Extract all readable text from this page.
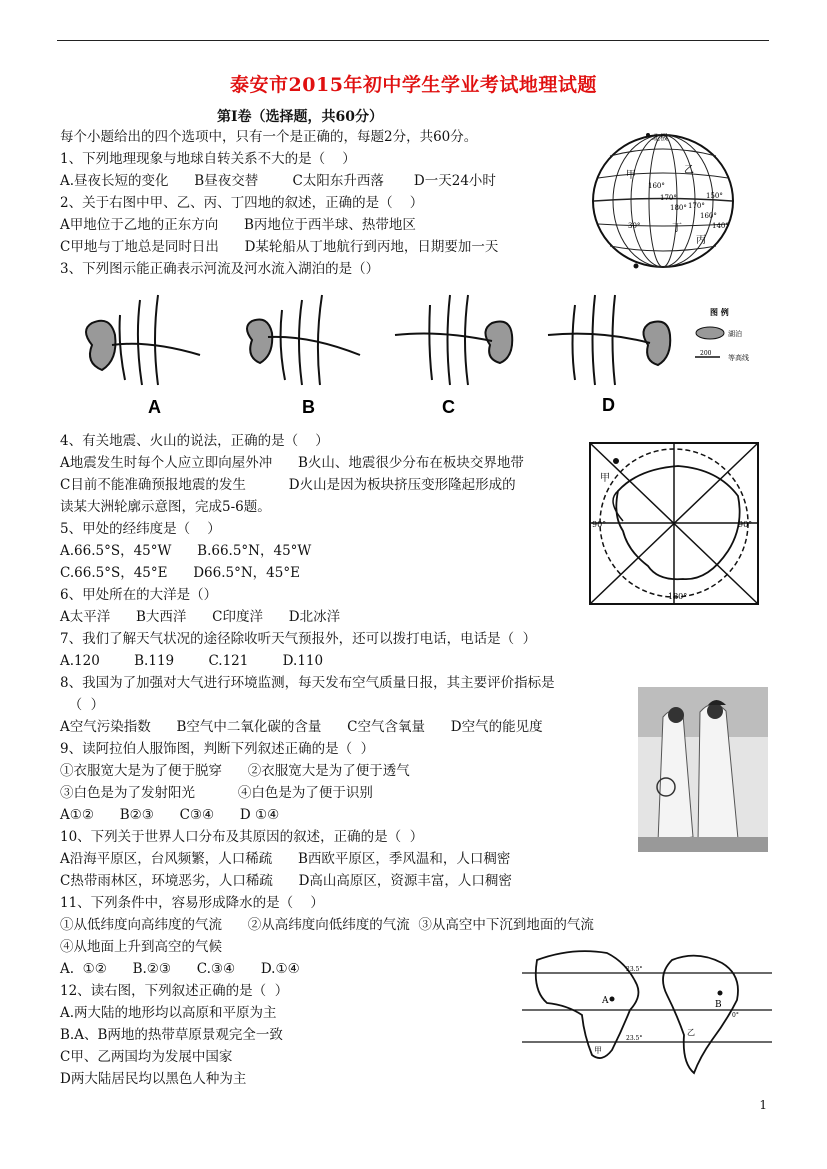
泰安市2015年初中学生学业考试地理试题
第Ⅰ卷（选择题，共60分）
每个小题给出的四个选项中，只有一个是正确的，每题2分，共60分。
1、下列地理现象与地球自转关系不大的是（    ）
A.昼夜长短的变化      B昼夜交替        C太阳东升西落       D一天24小时
2、关于右图中甲、乙、丙、丁四地的叙述，正确的是（    ）
A甲地位于乙地的正东方向      B丙地位于西半球、热带地区
C甲地与丁地总是同时日出      D某轮船从丁地航行到丙地，日期要加一天
3、下列图示能正确表示河流及河水流入湖泊的是（）
4、有关地震、火山的说法，正确的是（    ）
A地震发生时每个人应立即向屋外冲      B火山、地震很少分布在板块交界地带
C目前不能准确预报地震的发生          D火山是因为板块挤压变形隆起形成的
读某大洲轮廓示意图，完成5-6题。
5、甲处的经纬度是（    ）
A.66.5°S，45°W      B.66.5°N，45°W
C.66.5°S，45°E      D66.5°N，45°E
6、甲处所在的大洋是（）
A太平洋      B大西洋      C印度洋      D北冰洋
7、我们了解天气状况的途径除收听天气预报外，还可以拨打电话，电话是（  ）
A.120        B.119        C.121        D.110
8、我国为了加强对大气进行环境监测，每天发布空气质量日报，其主要评价指标是
（  ）
A空气污染指数      B空气中二氧化碳的含量      C空气含氧量      D空气的能见度
9、读阿拉伯人服饰图，判断下列叙述正确的是（  ）
①衣服宽大是为了便于脱穿      ②衣服宽大是为了便于透气
③白色是为了发射阳光          ④白色是为了便于识别
A①②      B②③      C③④      D ①④
10、下列关于世界人口分布及其原因的叙述，正确的是（  ）
A沿海平原区，台风频繁，人口稀疏      B西欧平原区，季风温和，人口稠密
C热带雨林区，环境恶劣，人口稀疏      D高山高原区，资源丰富，人口稠密
11、下列条件中，容易形成降水的是（    ）
①从低纬度向高纬度的气流      ②从高纬度向低纬度的气流  ③从高空中下沉到地面的气流
④从地面上升到高空的气候
A.  ①②      B.②③      C.③④      D.①④
12、读右图，下列叙述正确的是（  ）
A.两大陆的地形均以高原和平原为主
B.A、B两地的热带草原景观完全一致
C甲、乙两国均为发展中国家
D两大陆居民均以黑色人种为主
北极
甲	乙
丙
丁
160°
170°
180° 170°
160°
150°
140°
30°
A	B	C	D
图 例
湖泊
200
等高线
甲
90°	90°
180°
A	B
甲
乙
23.5°
0°
23.5°
1
